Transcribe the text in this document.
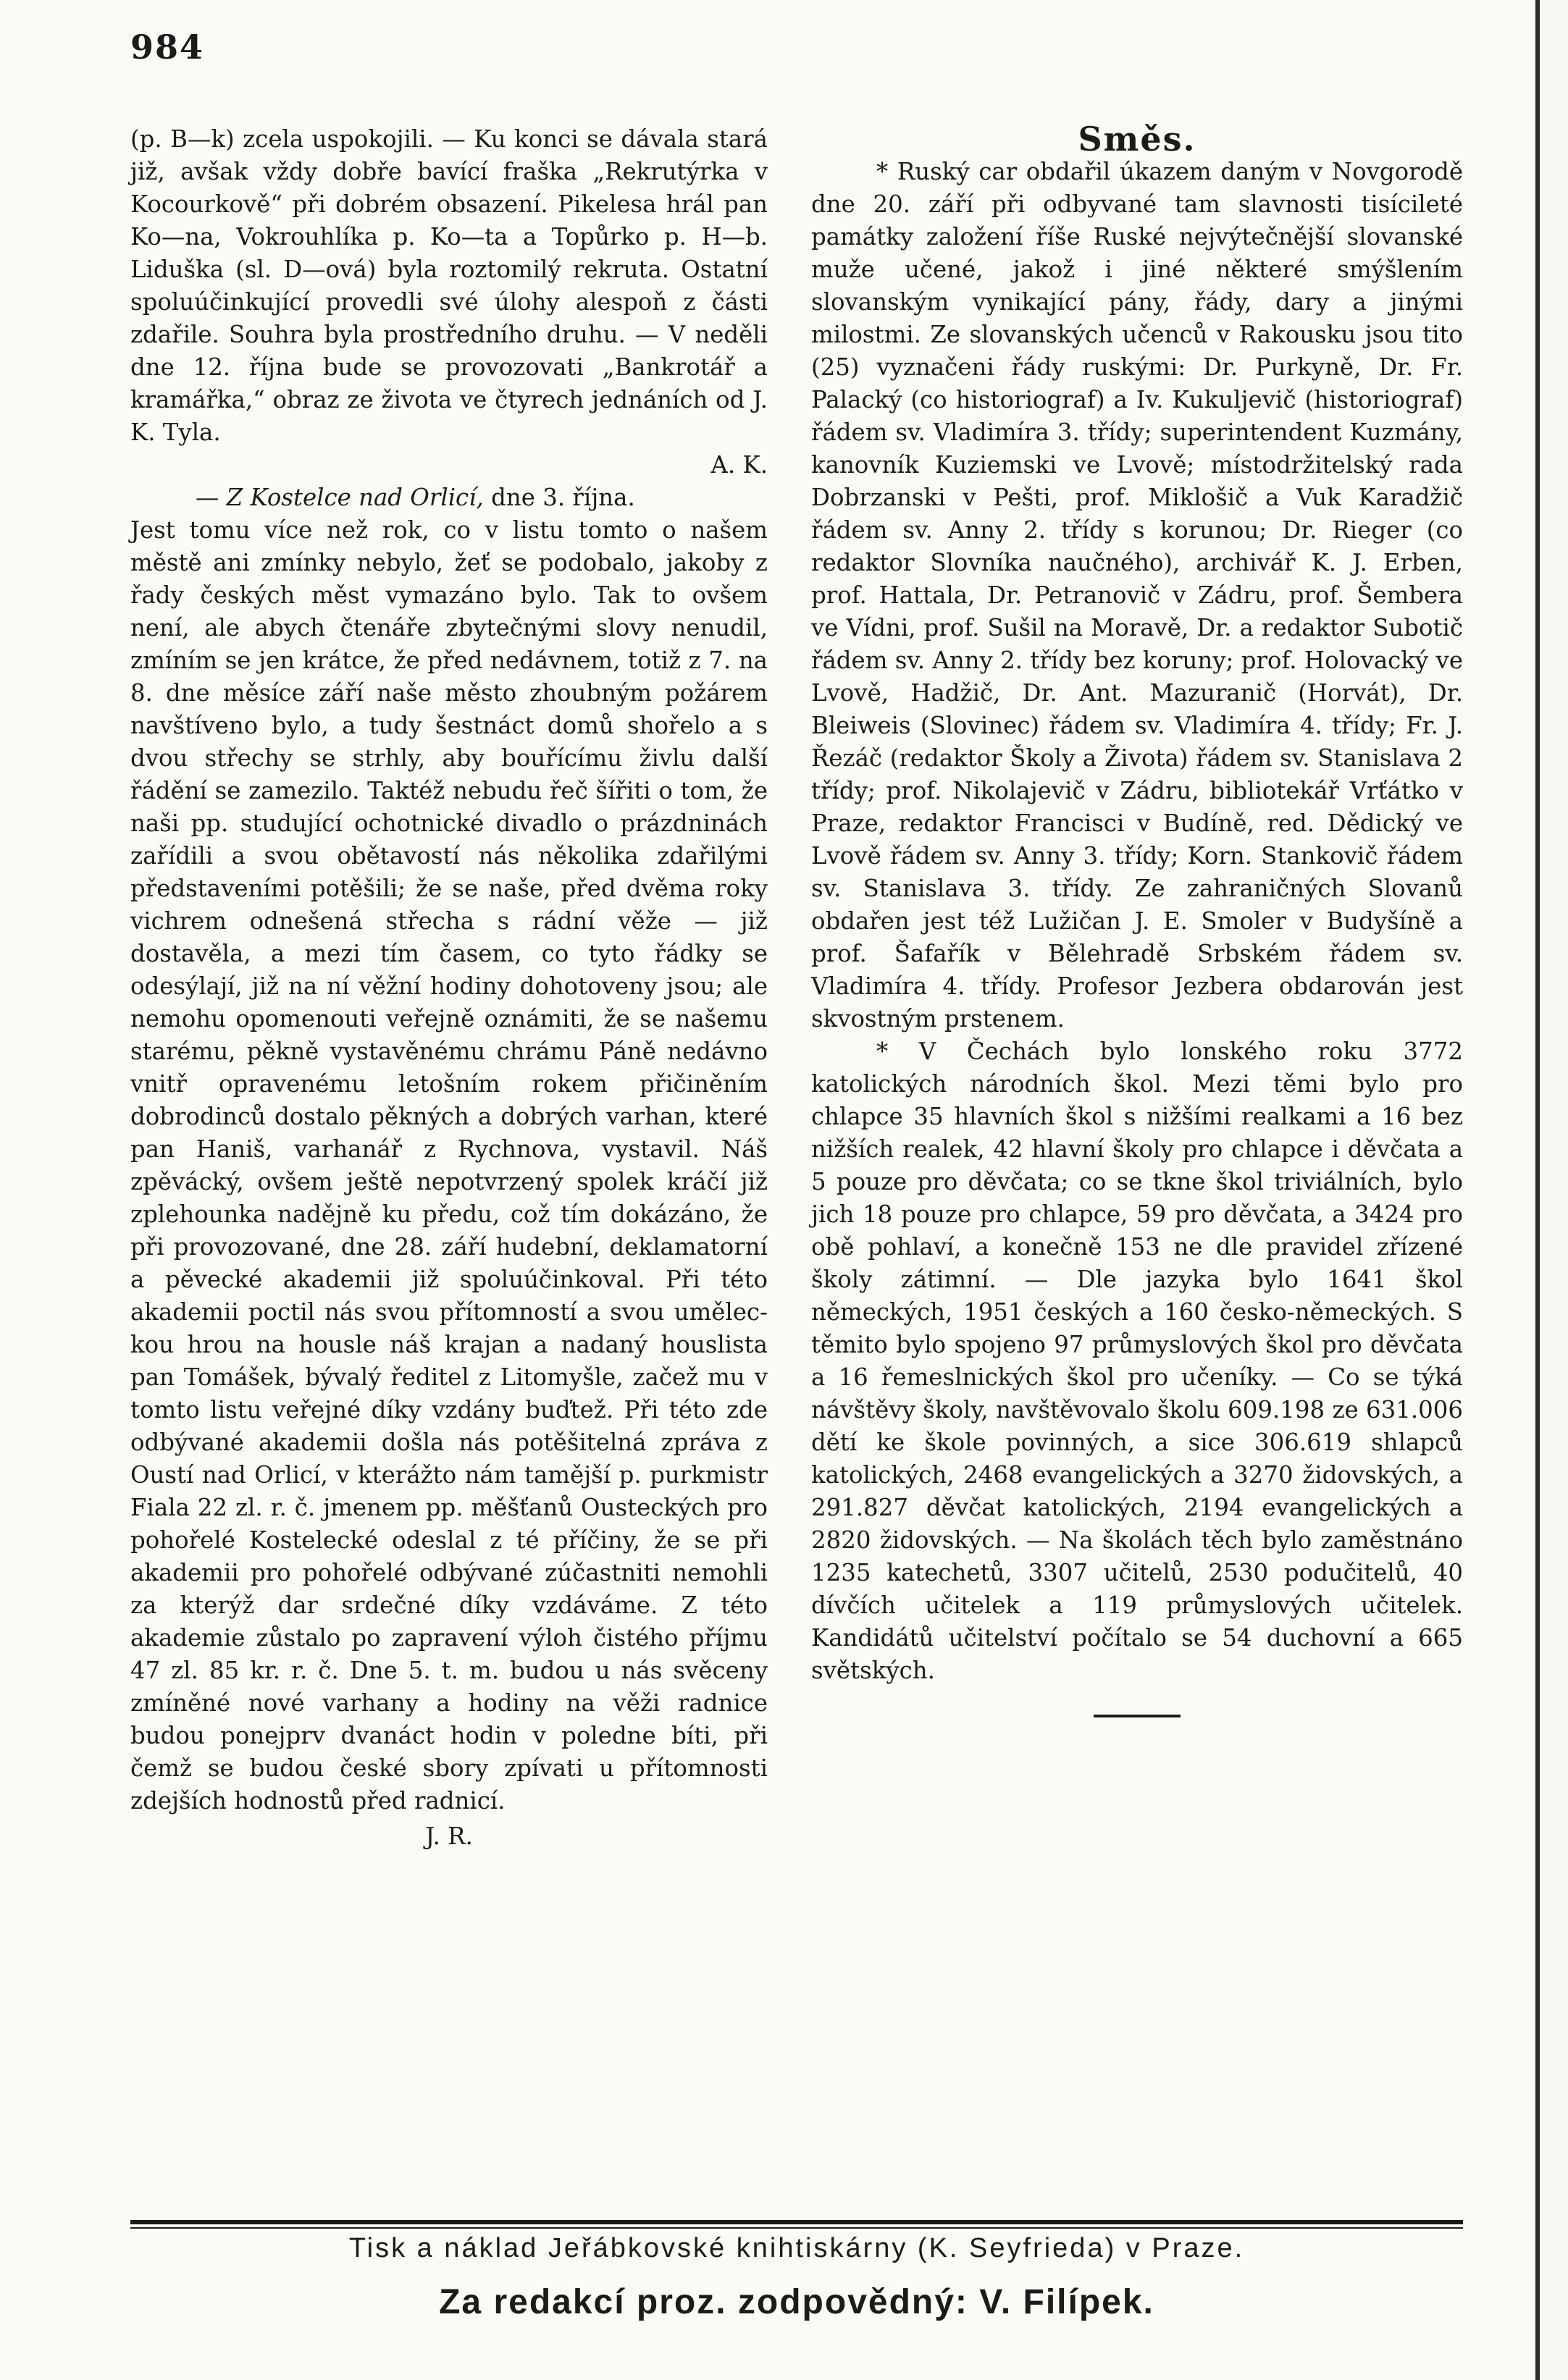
984

(p. B—k) zcela uspokojili. — Ku konci se dávala stará již, avšak vždy dobře bavící fraška „Rekrutýrka v Kocourkově“ při dobrém obsazení. Pikelesa hrál pan Ko—na, Vokrouhlíka p. Ko—ta a Topůrko p. H—b. Liduška (sl. D—ová) byla roztomilý rekruta. Ostatní spoluúčinkující provedli své úlohy alespoň z části zdařile. Souhra byla prostředního druhu. — V neděli dne 12. října bude se provozovati „Bankrotář a kramářka,“ obraz ze života ve čtyrech jednáních od J. K. Tyla.

A. K.

— Z Kostelce nad Orlicí, dne 3. října.

Jest tomu více než rok, co v listu tomto o našem městě ani zmínky nebylo, žeť se podobalo, jakoby z řady českých měst vymazáno bylo. Tak to ovšem není, ale abych čtenáře zbytečnými slovy nenudil, zmíním se jen krátce, že před nedávnem, totiž z 7. na 8. dne měsíce září naše město zhoubným požárem navštíveno bylo, a tudy šestnáct domů shořelo a s dvou střechy se strhly, aby bouřícímu živlu další řádění se zamezilo. Taktéž nebudu řeč šířiti o tom, že naši pp. studující ochotnické divadlo o prázdninách zařídili a svou obětavostí nás několika zdařilými představeními potěšili; že se naše, před dvěma roky vichrem odnešená střecha s rádní věže — již dostavěla, a mezi tím časem, co tyto řádky se odesýlají, již na ní věžní hodiny dohotoveny jsou; ale nemohu opomenouti veřejně oznámiti, že se našemu starému, pěkně vystavěnému chrámu Páně nedávno vnitř opravenému letošním rokem přičiněním dobrodinců dostalo pěkných a dobrých varhan, které pan Haniš, varhanář z Rychnova, vystavil. Náš zpěvácký, ovšem ještě nepotvrzený spolek kráčí již zplehounka nadějně ku předu, což tím dokázáno, že při provozované, dne 28. září hudební, deklamatorní a pěvecké akademii již spoluúčinkoval. Při této akademii poctil nás svou přítomností a svou uměleckou hrou na housle náš krajan a nadaný houslista pan Tomášek, bývalý ředitel z Litomyšle, začež mu v tomto listu veřejné díky vzdány buďtež. Při této zde odbývané akademii došla nás potěšitelná zpráva z Oustí nad Orlicí, v kterážto nám tamější p. purkmistr Fiala 22 zl. r. č. jmenem pp. měšťanů Ousteckých pro pohořelé Kostelecké odeslal z té příčiny, že se při akademii pro pohořelé odbývané zúčastniti nemohli za kterýž dar srdečné díky vzdáváme. Z této akademie zůstalo po zapravení výloh čistého příjmu 47 zl. 85 kr. r. č. Dne 5. t. m. budou u nás svěceny zmíněné nové varhany a hodiny na věži radnice budou ponejprv dvanáct hodin v poledne bíti, při čemž se budou české sbory zpívati u přítomnosti zdejších hodnostů před radnicí.

J. R.

Směs.

* Ruský car obdařil úkazem daným v Novgorodě dne 20. září při odbyvané tam slavnosti tisícileté památky založení říše Ruské nejvýtečnější slovanské muže učené, jakož i jiné některé smýšlením slovanským vynikající pány, řády, dary a jinými milostmi. Ze slovanských učenců v Rakousku jsou tito (25) vyznačeni řády ruskými: Dr. Purkyně, Dr. Fr. Palacký (co historiograf) a Iv. Kukuljevič (historiograf) řádem sv. Vladimíra 3. třídy; superintendent Kuzmány, kanovník Kuziemski ve Lvově; místodržitelský rada Dobrzanski v Pešti, prof. Miklošič a Vuk Karadžič řádem sv. Anny 2. třídy s korunou; Dr. Rieger (co redaktor Slovníka naučného), archivář K. J. Erben, prof. Hattala, Dr. Petranovič v Zádru, prof. Šembera ve Vídni, prof. Sušil na Moravě, Dr. a redaktor Subotič řádem sv. Anny 2. třídy bez koruny; prof. Holovacký ve Lvově, Hadžič, Dr. Ant. Mazuranič (Horvát), Dr. Bleiweis (Slovinec) řádem sv. Vladimíra 4. třídy; Fr. J. Řezáč (redaktor Školy a Života) řádem sv. Stanislava 2 třídy; prof. Nikolajevič v Zádru, bibliotekář Vrťátko v Praze, redaktor Francisci v Budíně, red. Dědický ve Lvově řádem sv. Anny 3. třídy; Korn. Stankovič řádem sv. Stanislava 3. třídy. Ze zahraničných Slovanů obdařen jest též Lužičan J. E. Smoler v Budyšíně a prof. Šafařík v Bělehradě Srbském řádem sv. Vladimíra 4. třídy. Profesor Jezbera obdarován jest skvostným prstenem.

* V Čechách bylo lonského roku 3772 katolických národních škol. Mezi těmi bylo pro chlapce 35 hlavních škol s nižšími realkami a 16 bez nižších realek, 42 hlavní školy pro chlapce i děvčata a 5 pouze pro děvčata; co se tkne škol triviálních, bylo jich 18 pouze pro chlapce, 59 pro děvčata, a 3424 pro obě pohlaví, a konečně 153 ne dle pravidel zřízené školy zátimní. — Dle jazyka bylo 1641 škol německých, 1951 českých a 160 česko-německých. S těmito bylo spojeno 97 průmyslových škol pro děvčata a 16 řemeslnických škol pro učeníky. — Co se týká návštěvy školy, navštěvovalo školu 609.198 ze 631.006 dětí ke škole povinných, a sice 306.619 shlapců katolických, 2468 evangelických a 3270 židovských, a 291.827 děvčat katolických, 2194 evangelických a 2820 židovských. — Na školách těch bylo zaměstnáno 1235 katechetů, 3307 učitelů, 2530 podučitelů, 40 dívčích učitelek a 119 průmyslových učitelek. Kandidátů učitelství počítalo se 54 duchovní a 665 světských.

Tisk a náklad Jeřábkovské knihtiskárny (K. Seyfrieda) v Praze.
Za redakcí proz. zodpovědný: V. Filípek.
